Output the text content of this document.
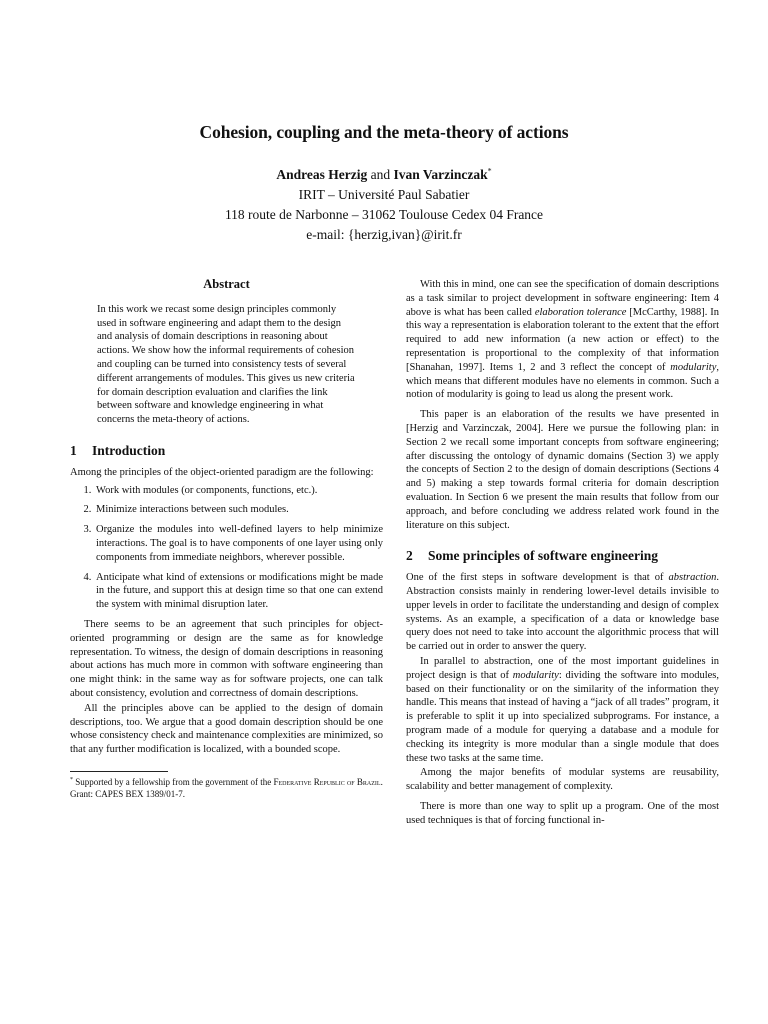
Cohesion, coupling and the meta-theory of actions
Andreas Herzig and Ivan Varzinczak*
IRIT – Université Paul Sabatier
118 route de Narbonne – 31062 Toulouse Cedex 04 France
e-mail: {herzig,ivan}@irit.fr
Abstract
In this work we recast some design principles commonly used in software engineering and adapt them to the design and analysis of domain descriptions in reasoning about actions. We show how the informal requirements of cohesion and coupling can be turned into consistency tests of several different arrangements of modules. This gives us new criteria for domain description evaluation and clarifies the link between software and knowledge engineering in what concerns the meta-theory of actions.
1 Introduction

Among the principles of the object-oriented paradigm are the following:

1. Work with modules (or components, functions, etc.).
2. Minimize interactions between such modules.
3. Organize the modules into well-defined layers to help minimize interactions. The goal is to have components of one layer using only components from immediate neighbors, wherever possible.
4. Anticipate what kind of extensions or modifications might be made in the future, and support this at design time so that one can extend the system with minimal disruption later.

There seems to be an agreement that such principles for object-oriented programming or design are the same as for knowledge representation. To witness, the design of domain descriptions in reasoning about actions has much more in common with software engineering than one might think: in the same way as for software projects, one can talk about consistency, evolution and correctness of domain descriptions.

All the principles above can be applied to the design of domain descriptions, too. We argue that a good domain description should be one whose consistency check and maintenance complexities are minimized, so that any further modification is localized, with a bounded scope.

* Supported by a fellowship from the government of the Federative Republic of Brazil. Grant: CAPES BEX 1389/01-7.

With this in mind, one can see the specification of domain descriptions as a task similar to project development in software engineering: Item 4 above is what has been called elaboration tolerance [McCarthy, 1988]. In this way a representation is elaboration tolerant to the extent that the effort required to add new information (a new action or effect) to the representation is proportional to the complexity of that information [Shanahan, 1997]. Items 1, 2 and 3 reflect the concept of modularity, which means that different modules have no elements in common. Such a notion of modularity is going to lead us along the present work.

This paper is an elaboration of the results we have presented in [Herzig and Varzinczak, 2004]. Here we pursue the following plan: in Section 2 we recall some important concepts from software engineering; after discussing the ontology of dynamic domains (Section 3) we apply the concepts of Section 2 to the design of domain descriptions (Sections 4 and 5) making a step towards formal criteria for domain description evaluation. In Section 6 we present the main results that follow from our approach, and before concluding we address related work found in the literature on this subject.

2 Some principles of software engineering

One of the first steps in software development is that of abstraction. Abstraction consists mainly in rendering lower-level details invisible to upper levels in order to facilitate the understanding and design of complex systems. As an example, a specification of a data or knowledge base query does not need to take into account the algorithmic process that will be carried out in order to answer the query.

In parallel to abstraction, one of the most important guidelines in project design is that of modularity: dividing the software into modules, based on their functionality or on the similarity of the information they handle. This means that instead of having a “jack of all trades” program, it is preferable to split it up into specialized subprograms. For instance, a program made of a module for querying a database and a module for checking its integrity is more modular than a single module that does these two tasks at the same time.

Among the major benefits of modular systems are reusability, scalability and better management of complexity.

There is more than one way to split up a program. One of the most used techniques is that of forcing functional in-
